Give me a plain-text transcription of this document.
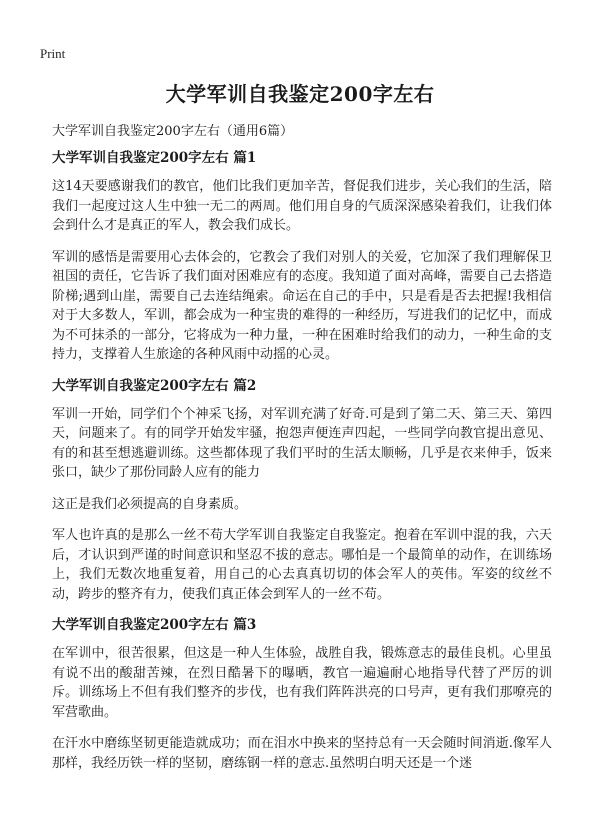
Print
大学军训自我鉴定200字左右

大学军训自我鉴定200字左右（通用6篇）

大学军训自我鉴定200字左右 篇1

这14天要感谢我们的教官，他们比我们更加辛苦，督促我们进步，关心我们的生活，陪我们一起度过这人生中独一无二的两周。他们用自身的气质深深感染着我们，让我们体会到什么才是真正的军人，教会我们成长。

军训的感悟是需要用心去体会的，它教会了我们对别人的关爱，它加深了我们理解保卫祖国的责任，它告诉了我们面对困难应有的态度。我知道了面对高峰，需要自己去搭造阶梯;遇到山崖，需要自己去连结绳索。命运在自己的手中，只是看是否去把握!我相信对于大多数人，军训，都会成为一种宝贵的难得的一种经历，写进我们的记忆中，而成为不可抹杀的一部分，它将成为一种力量，一种在困难时给我们的动力，一种生命的支持力，支撑着人生旅途的各种风雨中动摇的心灵。

大学军训自我鉴定200字左右 篇2

军训一开始，同学们个个神采飞扬，对军训充满了好奇.可是到了第二天、第三天、第四天，问题来了。有的同学开始发牢骚，抱怨声便连声四起，一些同学向教官提出意见、有的和甚至想逃避训练。这些都体现了我们平时的生活太顺畅，几乎是衣来伸手，饭来张口，缺少了那份同龄人应有的能力

这正是我们必须提高的自身素质。

军人也许真的是那么一丝不苟大学军训自我鉴定自我鉴定。抱着在军训中混的我，六天后，才认识到严谨的时间意识和坚忍不拔的意志。哪怕是一个最简单的动作，在训练场上，我们无数次地重复着，用自己的心去真真切切的体会军人的英伟。军姿的纹丝不动，跨步的整齐有力，使我们真正体会到军人的一丝不苟。

大学军训自我鉴定200字左右 篇3

在军训中，很苦很累，但这是一种人生体验，战胜自我，锻炼意志的最佳良机。心里虽有说不出的酸甜苦辣，在烈日酷暑下的曝晒，教官一遍遍耐心地指导代替了严厉的训斥。训练场上不但有我们整齐的步伐，也有我们阵阵洪亮的口号声，更有我们那嘹亮的军营歌曲。

在汗水中磨练坚韧更能造就成功；而在泪水中换来的坚持总有一天会随时间消逝.像军人那样，我经历铁一样的坚韧，磨练钢一样的意志.虽然明白明天还是一个迷
